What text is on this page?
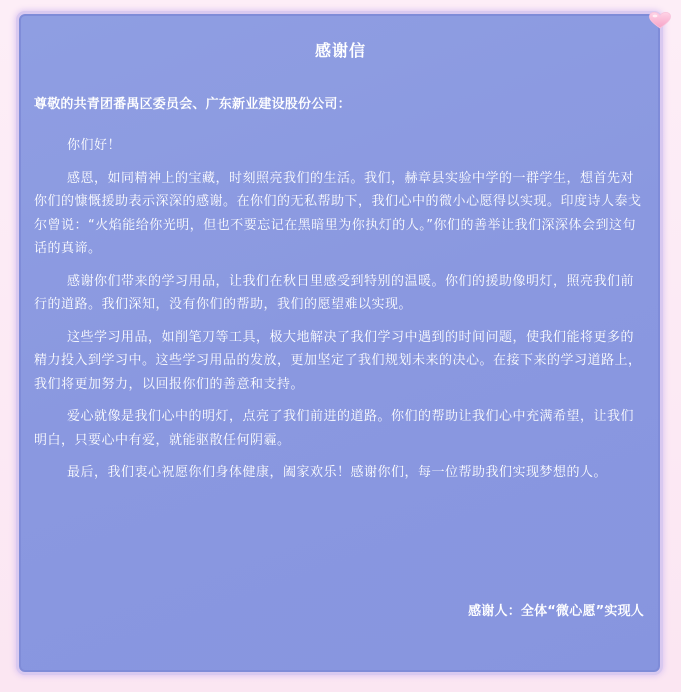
感谢信
尊敬的共青团番禺区委员会、广东新业建设股份公司：

你们好！

感恩，如同精神上的宝藏，时刻照亮我们的生活。我们，赫章县实验中学的一群学生，想首先对你们的慷慨援助表示深深的感谢。在你们的无私帮助下，我们心中的微小心愿得以实现。印度诗人泰戈尔曾说：“火焰能给你光明，但也不要忘记在黑暗里为你执灯的人。”你们的善举让我们深深体会到这句话的真谛。

感谢你们带来的学习用品，让我们在秋日里感受到特别的温暖。你们的援助像明灯，照亮我们前行的道路。我们深知，没有你们的帮助，我们的愿望难以实现。

这些学习用品，如削笔刀等工具，极大地解决了我们学习中遇到的时间问题，使我们能将更多的精力投入到学习中。这些学习用品的发放，更加坚定了我们规划未来的决心。在接下来的学习道路上，我们将更加努力，以回报你们的善意和支持。

爱心就像是我们心中的明灯，点亮了我们前进的道路。你们的帮助让我们心中充满希望，让我们明白，只要心中有爱，就能驱散任何阴霾。

最后，我们衷心祝愿你们身体健康，阖家欢乐！感谢你们，每一位帮助我们实现梦想的人。

感谢人：全体“微心愿”实现人
